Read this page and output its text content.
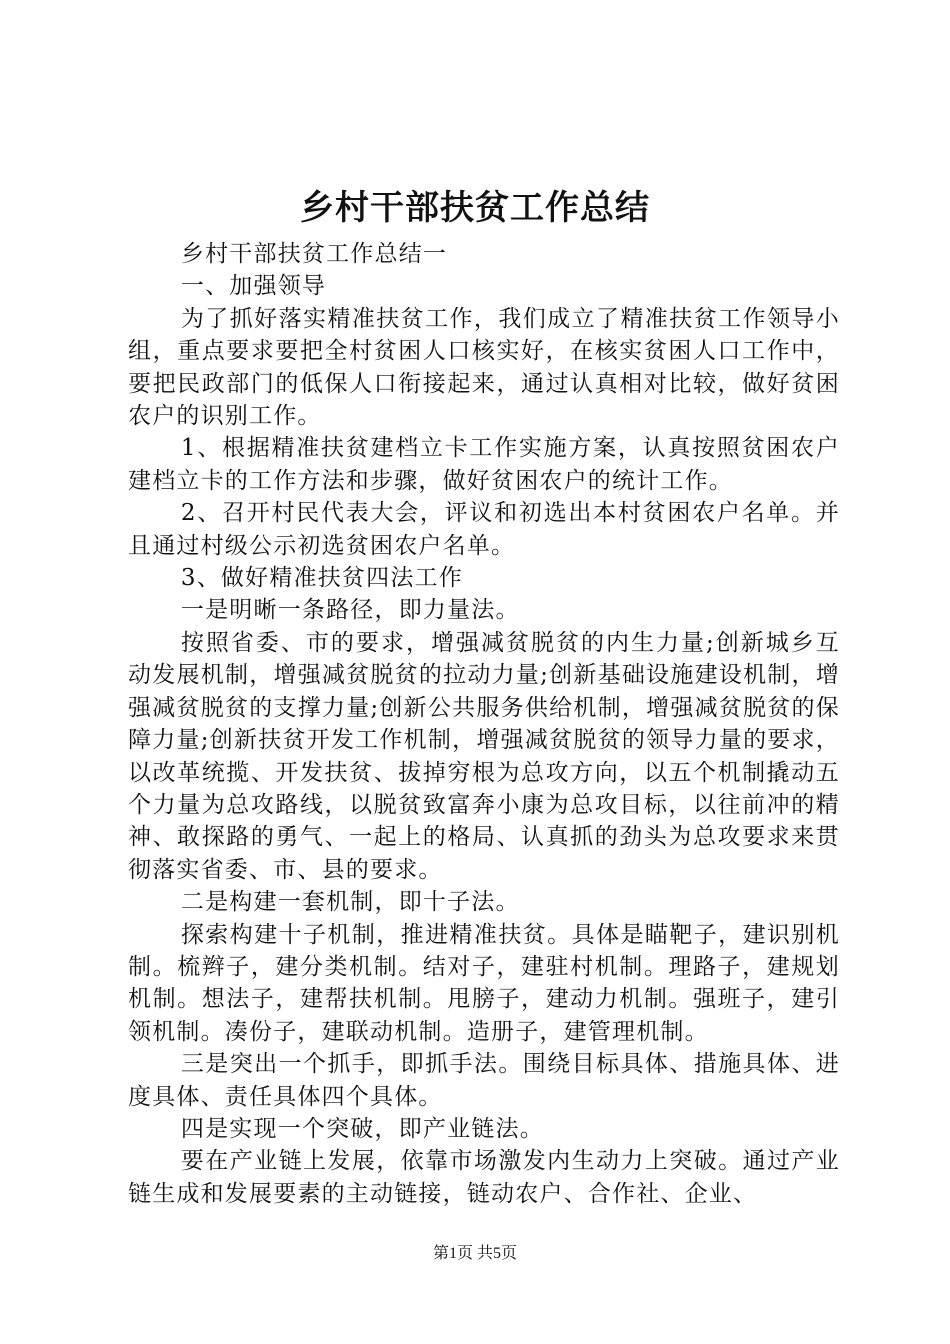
乡村干部扶贫工作总结

乡村干部扶贫工作总结一

一、加强领导

为了抓好落实精准扶贫工作，我们成立了精准扶贫工作领导小组，重点要求要把全村贫困人口核实好，在核实贫困人口工作中，要把民政部门的低保人口衔接起来，通过认真相对比较，做好贫困农户的识别工作。

1、根据精准扶贫建档立卡工作实施方案，认真按照贫困农户建档立卡的工作方法和步骤，做好贫困农户的统计工作。

2、召开村民代表大会，评议和初选出本村贫困农户名单。并且通过村级公示初选贫困农户名单。

3、做好精准扶贫四法工作

一是明晰一条路径，即力量法。

按照省委、市的要求，增强减贫脱贫的内生力量;创新城乡互动发展机制，增强减贫脱贫的拉动力量;创新基础设施建设机制，增强减贫脱贫的支撑力量;创新公共服务供给机制，增强减贫脱贫的保障力量;创新扶贫开发工作机制，增强减贫脱贫的领导力量的要求，以改革统揽、开发扶贫、拔掉穷根为总攻方向，以五个机制撬动五个力量为总攻路线，以脱贫致富奔小康为总攻目标，以往前冲的精神、敢探路的勇气、一起上的格局、认真抓的劲头为总攻要求来贯彻落实省委、市、县的要求。

二是构建一套机制，即十子法。

探索构建十子机制，推进精准扶贫。具体是瞄靶子，建识别机制。梳辫子，建分类机制。结对子，建驻村机制。理路子，建规划机制。想法子，建帮扶机制。甩膀子，建动力机制。强班子，建引领机制。凑份子，建联动机制。造册子，建管理机制。

三是突出一个抓手，即抓手法。围绕目标具体、措施具体、进度具体、责任具体四个具体。

四是实现一个突破，即产业链法。

要在产业链上发展，依靠市场激发内生动力上突破。通过产业链生成和发展要素的主动链接，链动农户、合作社、企业、

第1页 共5页
